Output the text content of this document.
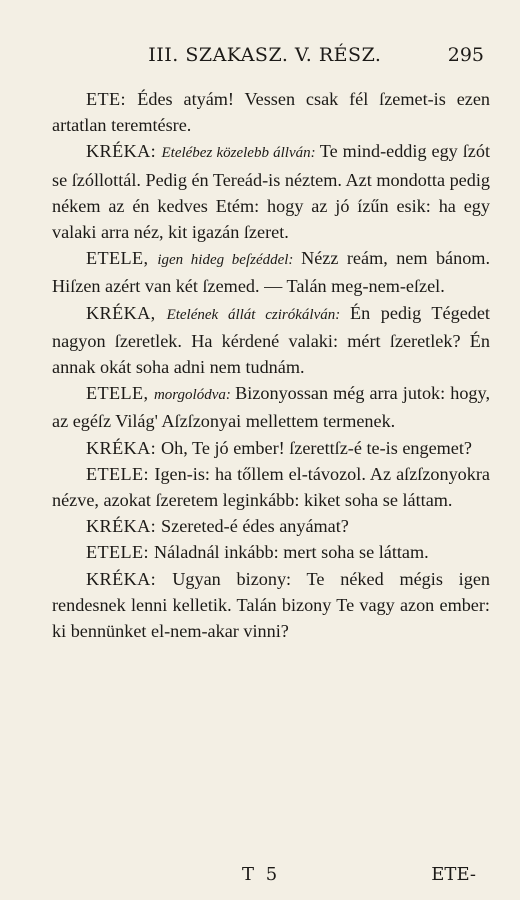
III. SZAKASZ. V. RÉSZ.	295

ETE: Édes atyám! Vessen csak fél ſzemet-is ezen artatlan teremtésre.

KRÉKA: Etelébez közelebb állván: Te mind-eddig egy ſzót se ſzóllottál. Pedig én Tereád-is néztem. Azt mondotta pedig nékem az én kedves Etém: hogy az jó ízűn esik: ha egy valaki arra néz, kit igazán ſzeret.

ETELE, igen hideg beſzéddel: Nézz reám, nem bánom. Hiſzen azért van két ſzemed. — Talán meg-nem-eſzel.

KRÉKA, Etelének állát czirókálván: Én pedig Tégedet nagyon ſzeretlek. Ha kérdené valaki: mért ſzeretlek? Én annak okát soha adni nem tudnám.

ETELE, morgolódva: Bizonyossan még arra jutok: hogy, az egéſz Világ' Aſzſzonyai mellettem termenek.

KRÉKA: Oh, Te jó ember! ſzerettſz-é te-is engemet?

ETELE: Igen-is: ha tőllem el-távozol. Az aſzſzonyokra nézve, azokat ſzeretem leginkább: kiket soha se láttam.

KRÉKA: Szereted-é édes anyámat?

ETELE: Náladnál inkább: mert soha se láttam.

KRÉKA: Ugyan bizony: Te néked mégis igen rendesnek lenni kelletik. Talán bizony Te vagy azon ember: ki bennünket el-nem-akar vinni?

T 5	ETE-
